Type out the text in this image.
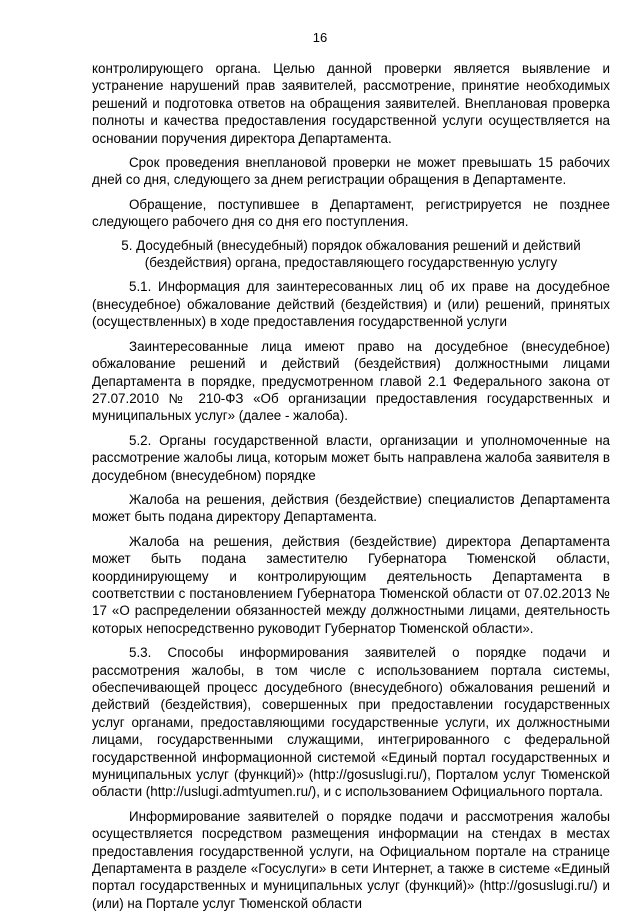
16

контролирующего органа. Целью данной проверки является выявление и устранение нарушений прав заявителей, рассмотрение, принятие необходимых решений и подготовка ответов на обращения заявителей. Внеплановая проверка полноты и качества предоставления государственной услуги осуществляется на основании поручения директора Департамента.

Срок проведения внеплановой проверки не может превышать 15 рабочих дней со дня, следующего за днем регистрации обращения в Департаменте.

Обращение, поступившее в Департамент, регистрируется не позднее следующего рабочего дня со дня его поступления.

5. Досудебный (внесудебный) порядок обжалования решений и действий (бездействия) органа, предоставляющего государственную услугу

5.1. Информация для заинтересованных лиц об их праве на досудебное (внесудебное) обжалование действий (бездействия) и (или) решений, принятых (осуществленных) в ходе предоставления государственной услуги

Заинтересованные лица имеют право на досудебное (внесудебное) обжалование решений и действий (бездействия) должностными лицами Департамента в порядке, предусмотренном главой 2.1 Федерального закона от 27.07.2010 № 210-ФЗ «Об организации предоставления государственных и муниципальных услуг» (далее - жалоба).

5.2. Органы государственной власти, организации и уполномоченные на рассмотрение жалобы лица, которым может быть направлена жалоба заявителя в досудебном (внесудебном) порядке

Жалоба на решения, действия (бездействие) специалистов Департамента может быть подана директору Департамента.

Жалоба на решения, действия (бездействие) директора Департамента может быть подана заместителю Губернатора Тюменской области, координирующему и контролирующим деятельность Департамента в соответствии с постановлением Губернатора Тюменской области от 07.02.2013 № 17 «О распределении обязанностей между должностными лицами, деятельность которых непосредственно руководит Губернатор Тюменской области».

5.3. Способы информирования заявителей о порядке подачи и рассмотрения жалобы, в том числе с использованием портала системы, обеспечивающей процесс досудебного (внесудебного) обжалования решений и действий (бездействия), совершенных при предоставлении государственных услуг органами, предоставляющими государственные услуги, их должностными лицами, государственными служащими, интегрированного с федеральной государственной информационной системой «Единый портал государственных и муниципальных услуг (функций)» (http://gosuslugi.ru/), Порталом услуг Тюменской области (http://uslugi.admtyumen.ru/), и с использованием Официального портала.

Информирование заявителей о порядке подачи и рассмотрения жалобы осуществляется посредством размещения информации на стендах в местах предоставления государственной услуги, на Официальном портале на странице Департамента в разделе «Госуслуги» в сети Интернет, а также в системе «Единый портал государственных и муниципальных услуг (функций)» (http://gosuslugi.ru/) и (или) на Портале услуг Тюменской области
